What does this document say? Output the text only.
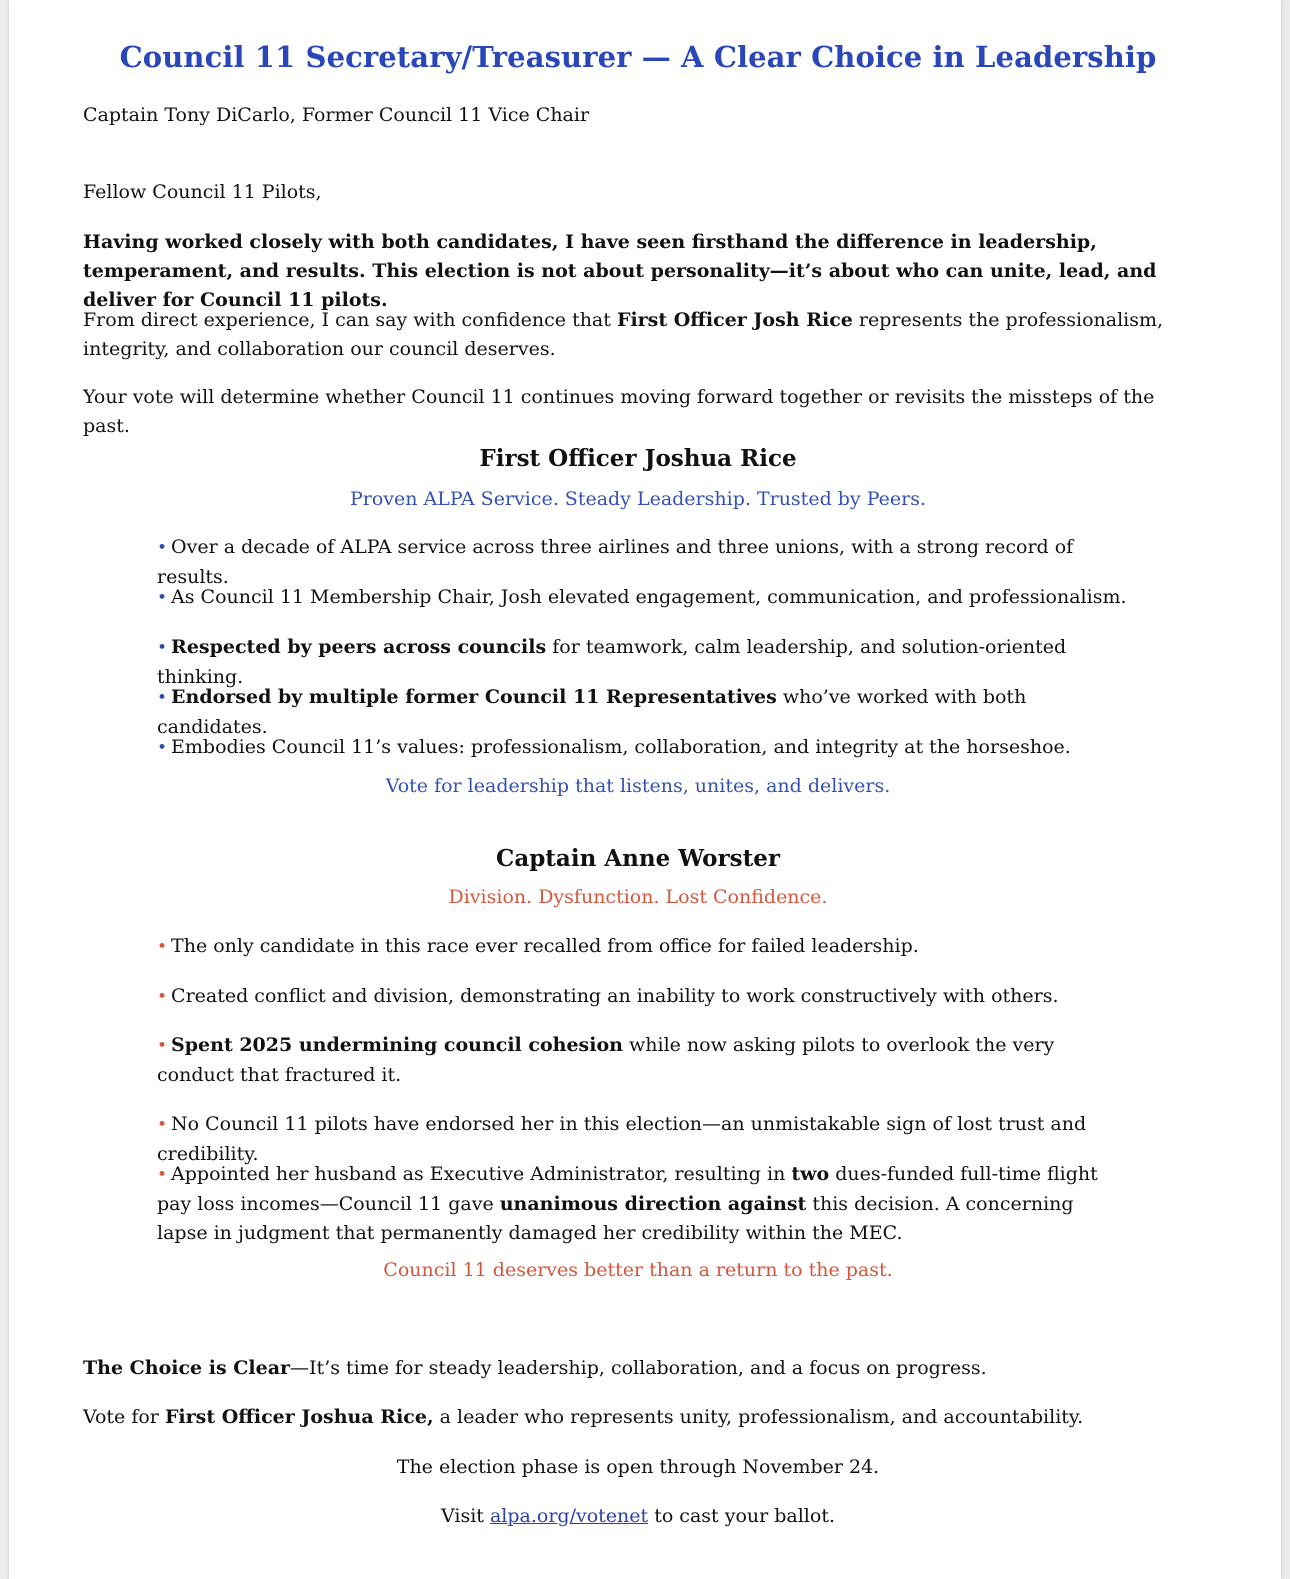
Council 11 Secretary/Treasurer — A Clear Choice in Leadership
Captain Tony DiCarlo, Former Council 11 Vice Chair
Fellow Council 11 Pilots,
Having worked closely with both candidates, I have seen firsthand the difference in leadership, temperament, and results. This election is not about personality—it’s about who can unite, lead, and deliver for Council 11 pilots.
From direct experience, I can say with confidence that First Officer Josh Rice represents the professionalism, integrity, and collaboration our council deserves.
Your vote will determine whether Council 11 continues moving forward together or revisits the missteps of the past.
First Officer Joshua Rice
Proven ALPA Service. Steady Leadership. Trusted by Peers.
• Over a decade of ALPA service across three airlines and three unions, with a strong record of results.
• As Council 11 Membership Chair, Josh elevated engagement, communication, and professionalism.
• Respected by peers across councils for teamwork, calm leadership, and solution-oriented thinking.
• Endorsed by multiple former Council 11 Representatives who’ve worked with both candidates.
• Embodies Council 11’s values: professionalism, collaboration, and integrity at the horseshoe.
Vote for leadership that listens, unites, and delivers.
Captain Anne Worster
Division. Dysfunction. Lost Confidence.
• The only candidate in this race ever recalled from office for failed leadership.
• Created conflict and division, demonstrating an inability to work constructively with others.
• Spent 2025 undermining council cohesion while now asking pilots to overlook the very conduct that fractured it.
• No Council 11 pilots have endorsed her in this election—an unmistakable sign of lost trust and credibility.
• Appointed her husband as Executive Administrator, resulting in two dues-funded full-time flight pay loss incomes—Council 11 gave unanimous direction against this decision. A concerning lapse in judgment that permanently damaged her credibility within the MEC.
Council 11 deserves better than a return to the past.
The Choice is Clear—It’s time for steady leadership, collaboration, and a focus on progress.
Vote for First Officer Joshua Rice, a leader who represents unity, professionalism, and accountability.
The election phase is open through November 24.
Visit alpa.org/votenet to cast your ballot.
